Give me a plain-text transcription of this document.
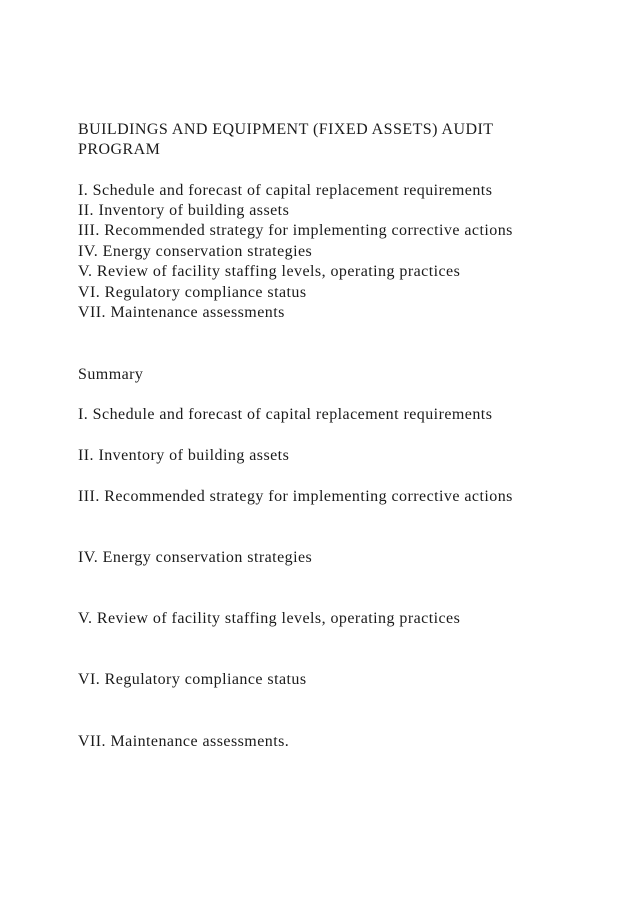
BUILDINGS AND EQUIPMENT (FIXED ASSETS) AUDIT
PROGRAM
I. Schedule and forecast of capital replacement requirements
II. Inventory of building assets
III. Recommended strategy for implementing corrective actions
IV. Energy conservation strategies
V. Review of facility staffing levels, operating practices
VI. Regulatory compliance status
VII. Maintenance assessments
Summary
I. Schedule and forecast of capital replacement requirements
II. Inventory of building assets
III. Recommended strategy for implementing corrective actions
IV. Energy conservation strategies
V. Review of facility staffing levels, operating practices
VI. Regulatory compliance status
VII. Maintenance assessments.
